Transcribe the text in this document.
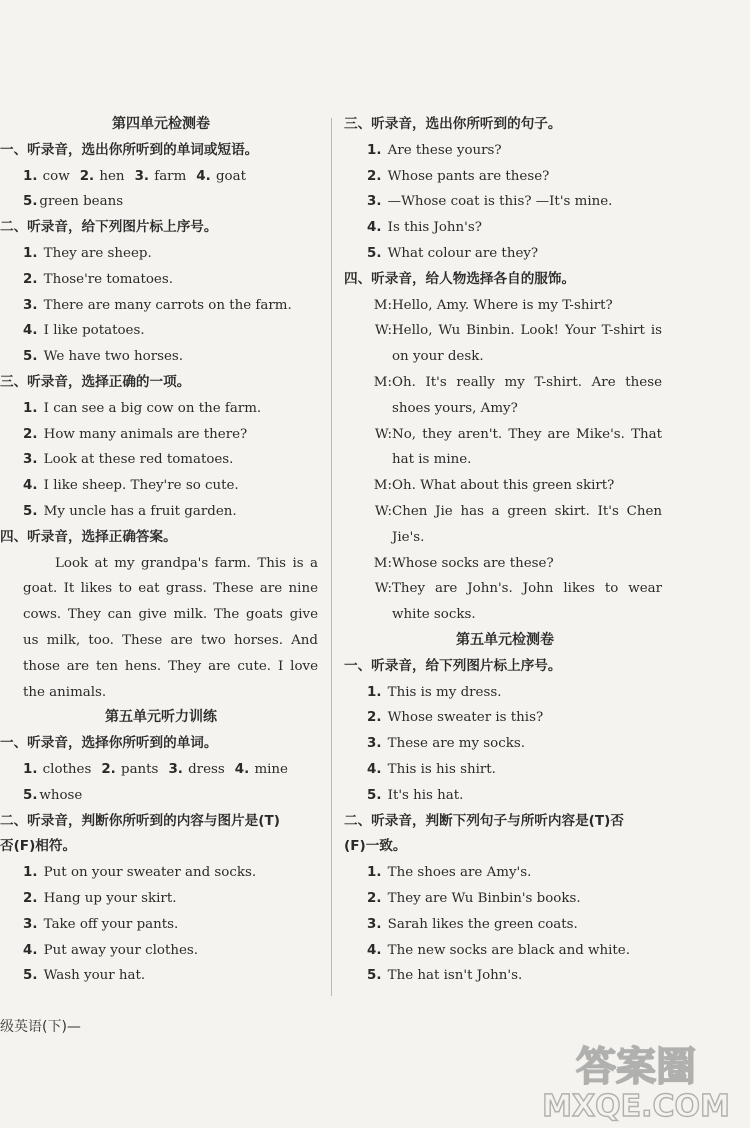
第四单元检测卷
一、听录音，选出你所听到的单词或短语。
1. cow 2. hen 3. farm 4. goat
5. green beans
二、听录音，给下列图片标上序号。
1. They are sheep.
2. Those're tomatoes.
3. There are many carrots on the farm.
4. I like potatoes.
5. We have two horses.
三、听录音，选择正确的一项。
1. I can see a big cow on the farm.
2. How many animals are there?
3. Look at these red tomatoes.
4. I like sheep. They're so cute.
5. My uncle has a fruit garden.
四、听录音，选择正确答案。
Look at my grandpa's farm. This is a goat. It likes to eat grass. These are nine cows. They can give milk. The goats give us milk, too. These are two horses. And those are ten hens. They are cute. I love the animals.
第五单元听力训练
一、听录音，选择你所听到的单词。
1. clothes 2. pants 3. dress 4. mine
5. whose
二、听录音，判断你所听到的内容与图片是(T)
否(F)相符。
1. Put on your sweater and socks.
2. Hang up your skirt.
3. Take off your pants.
4. Put away your clothes.
5. Wash your hat.
三、听录音，选出你所听到的句子。
1. Are these yours?
2. Whose pants are these?
3. —Whose coat is this? —It's mine.
4. Is this John's?
5. What colour are they?
四、听录音，给人物选择各自的服饰。
M: Hello, Amy. Where is my T-shirt?
W: Hello, Wu Binbin. Look! Your T-shirt is on your desk.
M: Oh. It's really my T-shirt. Are these shoes yours, Amy?
W: No, they aren't. They are Mike's. That hat is mine.
M: Oh. What about this green skirt?
W: Chen Jie has a green skirt. It's Chen Jie's.
M: Whose socks are these?
W: They are John's. John likes to wear white socks.
第五单元检测卷
一、听录音，给下列图片标上序号。
1. This is my dress.
2. Whose sweater is this?
3. These are my socks.
4. This is his shirt.
5. It's his hat.
二、听录音，判断下列句子与所听内容是(T)否
(F)一致。
1. The shoes are Amy's.
2. They are Wu Binbin's books.
3. Sarah likes the green coats.
4. The new socks are black and white.
5. The hat isn't John's.
级英语(下)—
答案圈
MXQE.COM
